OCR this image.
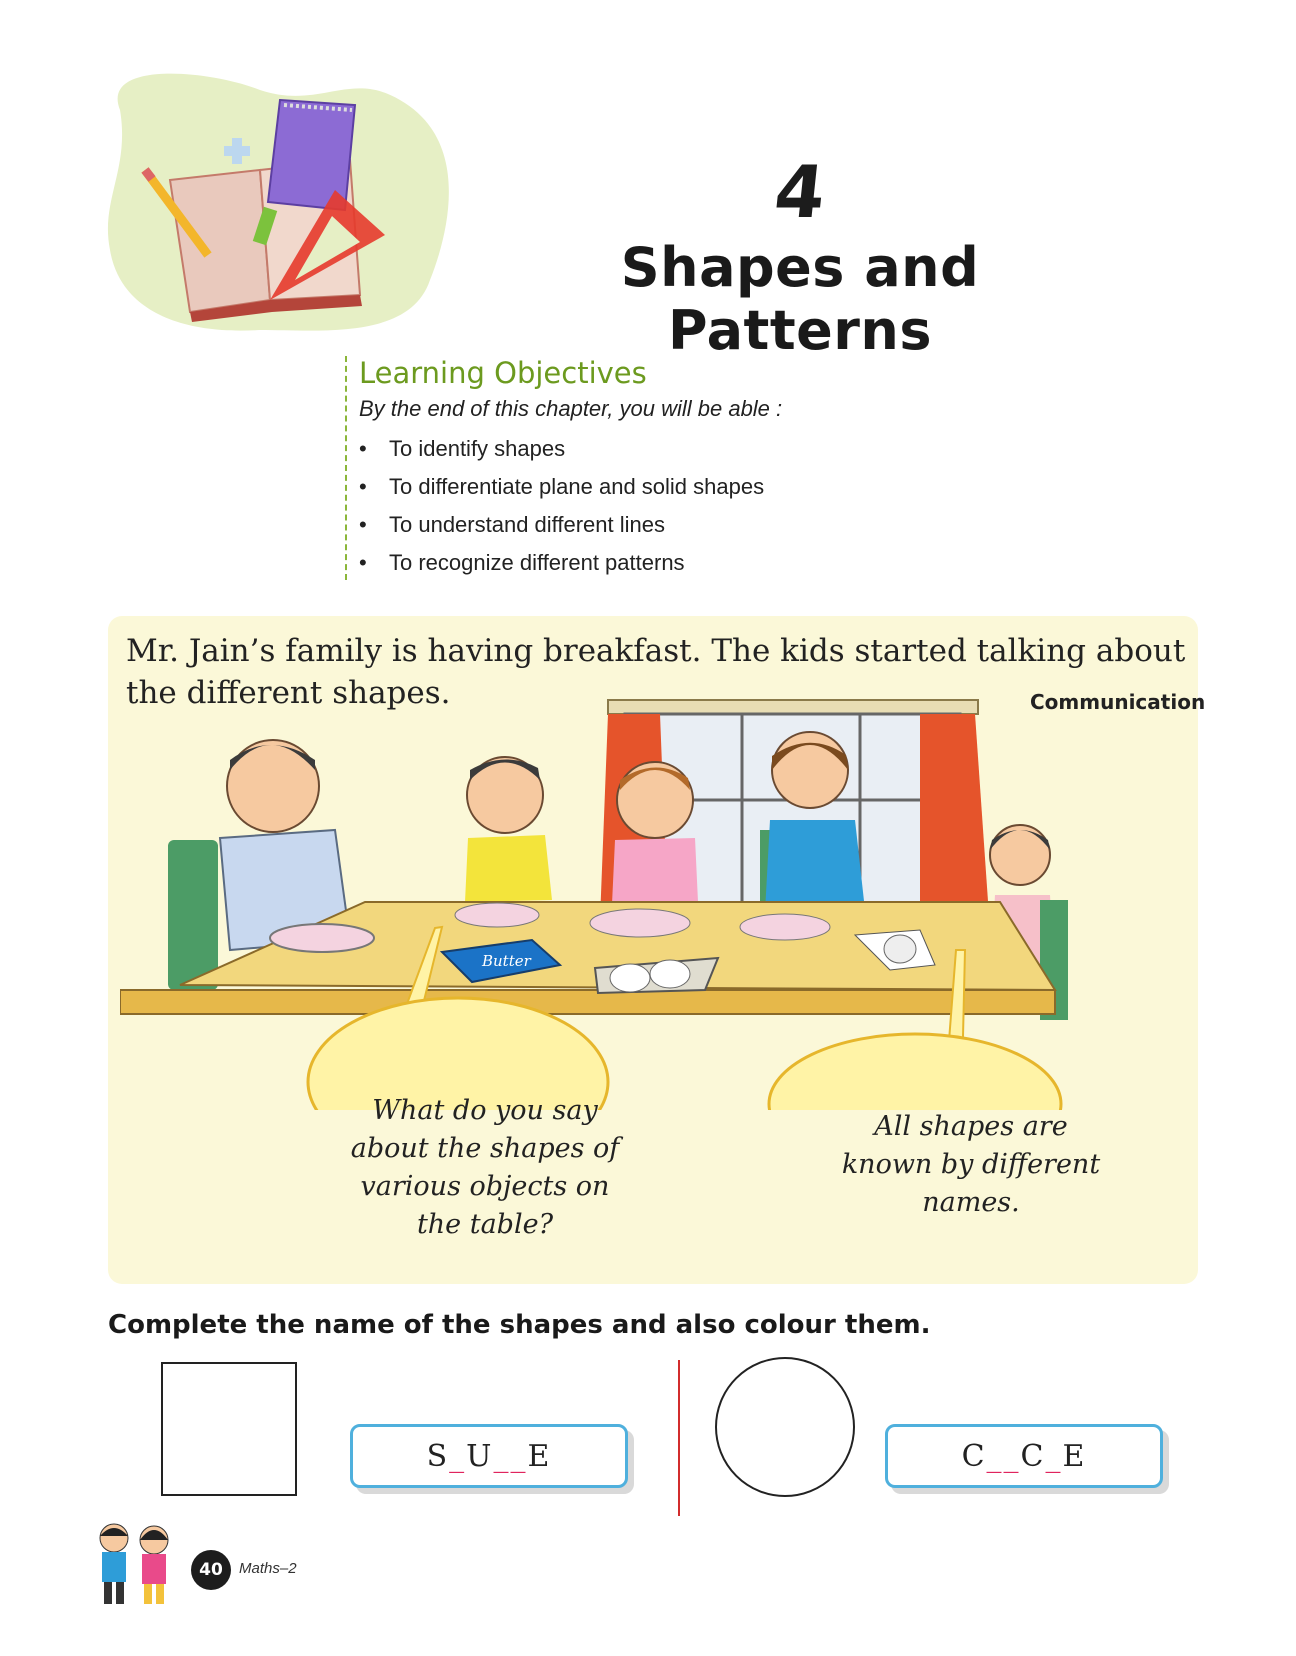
4
Shapes and Patterns
Learning Objectives
By the end of this chapter, you will be able :
•	To identify shapes
•	To differentiate plane and solid shapes
•	To understand different lines
•	To recognize different patterns
Butter
Mr. Jain’s family is having breakfast. The kids started talking about the different shapes.	Communication
What do you say about the shapes of various objects on the table?
All shapes are known by different names.
Complete the name of the shapes and also colour them.
S _ U _ _ E	C _ _ C _ E
40	Maths–2
